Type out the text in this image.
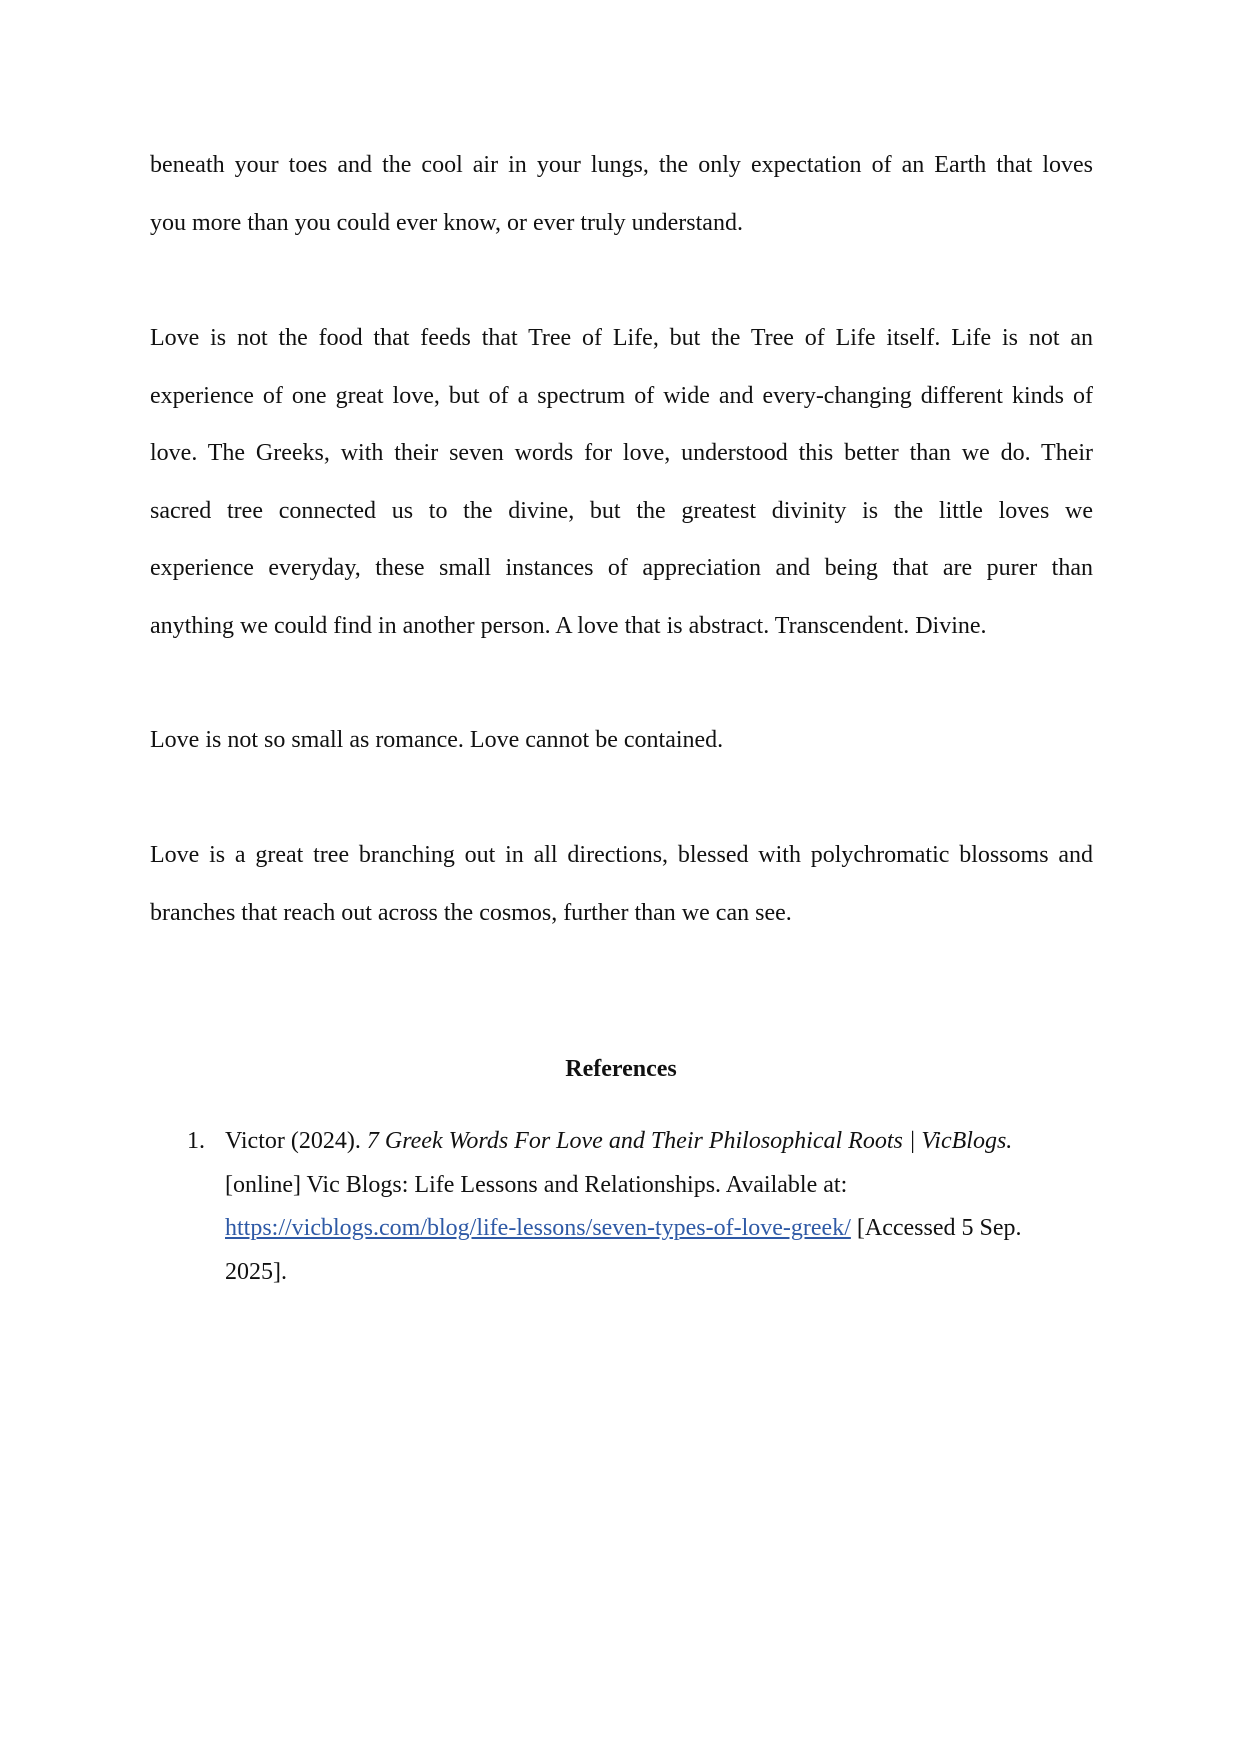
beneath your toes and the cool air in your lungs, the only expectation of an Earth that loves
you more than you could ever know, or ever truly understand.
Love is not the food that feeds that Tree of Life, but the Tree of Life itself. Life is not an
experience of one great love, but of a spectrum of wide and every-changing different kinds of
love. The Greeks, with their seven words for love, understood this better than we do. Their
sacred tree connected us to the divine, but the greatest divinity is the little loves we
experience everyday, these small instances of appreciation and being that are purer than
anything we could find in another person. A love that is abstract. Transcendent. Divine.
Love is not so small as romance. Love cannot be contained.
Love is a great tree branching out in all directions, blessed with polychromatic blossoms and
branches that reach out across the cosmos, further than we can see.
References
1. Victor (2024). 7 Greek Words For Love and Their Philosophical Roots | VicBlogs.
[online] Vic Blogs: Life Lessons and Relationships. Available at:
https://vicblogs.com/blog/life-lessons/seven-types-of-love-greek/ [Accessed 5 Sep.
2025].
